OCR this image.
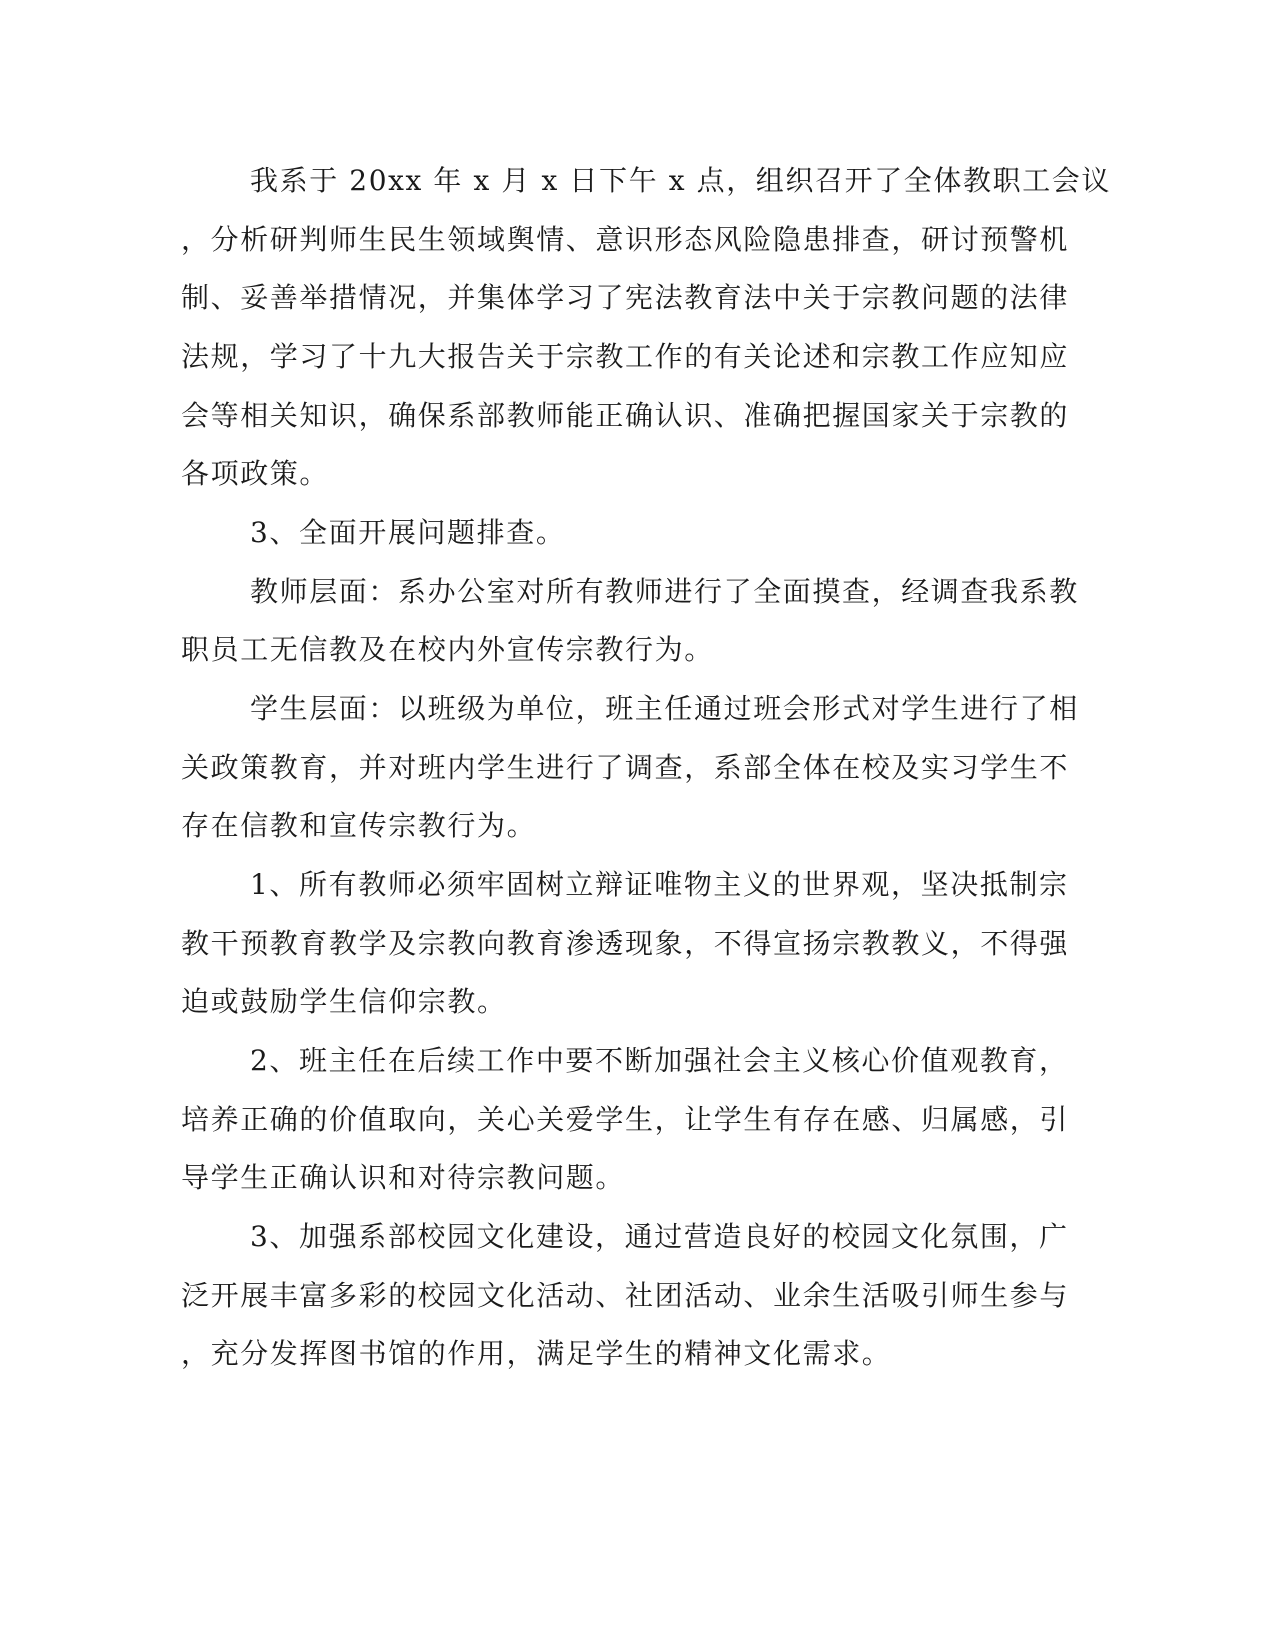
我系于 20xx 年 x 月 x 日下午 x 点，组织召开了全体教职工会议
，分析研判师生民生领域舆情、意识形态风险隐患排查，研讨预警机
制、妥善举措情况，并集体学习了宪法教育法中关于宗教问题的法律
法规，学习了十九大报告关于宗教工作的有关论述和宗教工作应知应
会等相关知识，确保系部教师能正确认识、准确把握国家关于宗教的
各项政策。
3、全面开展问题排查。
教师层面：系办公室对所有教师进行了全面摸查，经调查我系教
职员工无信教及在校内外宣传宗教行为。
学生层面：以班级为单位，班主任通过班会形式对学生进行了相
关政策教育，并对班内学生进行了调查，系部全体在校及实习学生不
存在信教和宣传宗教行为。
1、所有教师必须牢固树立辩证唯物主义的世界观，坚决抵制宗
教干预教育教学及宗教向教育渗透现象，不得宣扬宗教教义，不得强
迫或鼓励学生信仰宗教。
2、班主任在后续工作中要不断加强社会主义核心价值观教育，
培养正确的价值取向，关心关爱学生，让学生有存在感、归属感，引
导学生正确认识和对待宗教问题。
3、加强系部校园文化建设，通过营造良好的校园文化氛围，广
泛开展丰富多彩的校园文化活动、社团活动、业余生活吸引师生参与
，充分发挥图书馆的作用，满足学生的精神文化需求。
